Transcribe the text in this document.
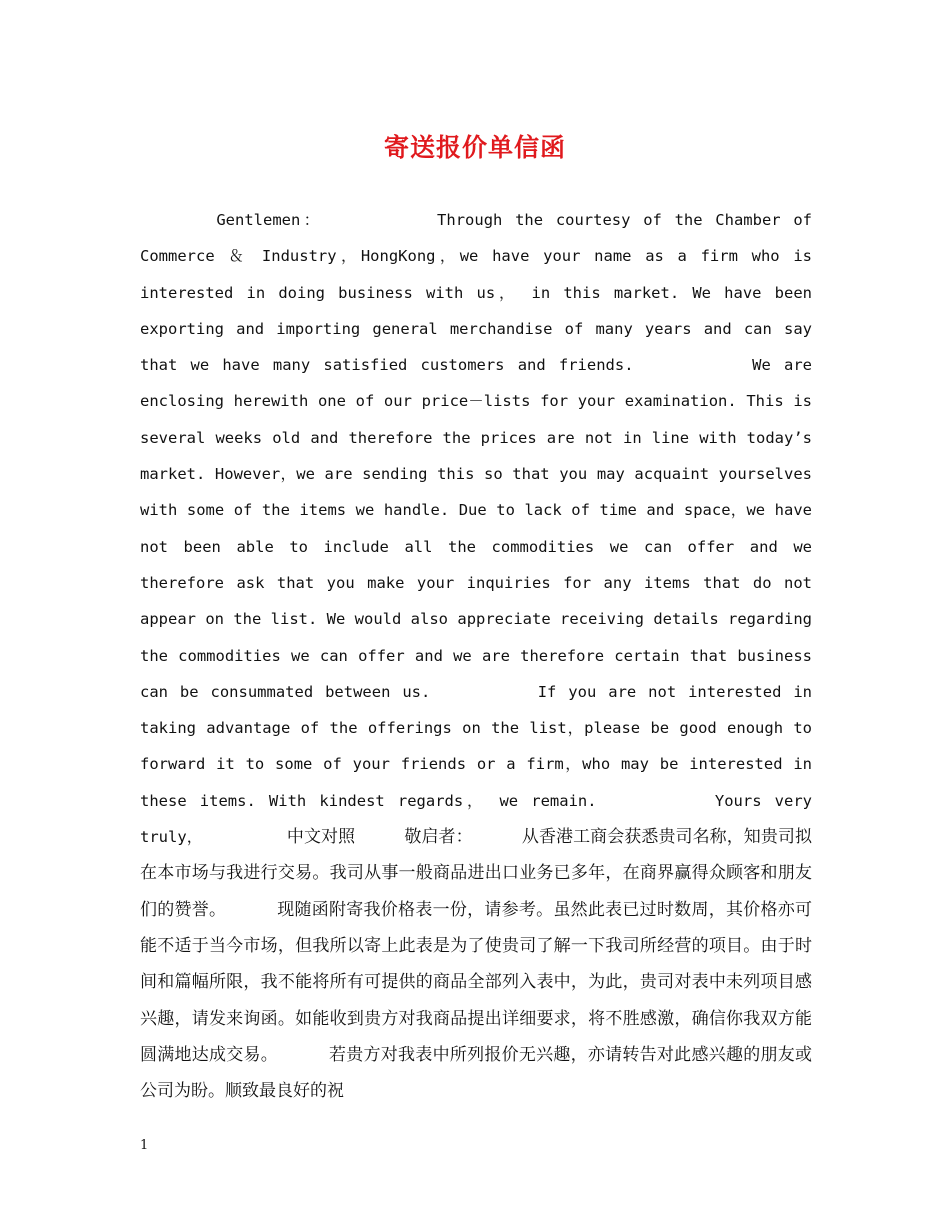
寄送报价单信函
Gentlemen：         Through the courtesy of the Chamber of Commerce ＆ Industry，HongKong，we have your name as a firm who is interested in doing business with us， in this market. We have been exporting and importing general merchandise of many years and can say that we have many satisfied customers and friends.         We are enclosing herewith one of our price－lists for your examination. This is several weeks old and therefore the prices are not in line with today’s market. However，we are sending this so that you may acquaint yourselves with some of the items we handle. Due to lack of time and space，we have not been able to include all the commodities we can offer and we therefore ask that you make your inquiries for any items that do not appear on the list. We would also appreciate receiving details regarding the commodities we can offer and we are therefore certain that business can be consummated between us.         If you are not interested in taking advantage of the offerings on the list，please be good enough to forward it to some of your friends or a firm，who may be interested in these items. With kindest regards， we remain.         Yours very truly，         中文对照         敬启者：         从香港工商会获悉贵司名称，知贵司拟在本市场与我进行交易。我司从事一般商品进出口业务已多年，在商界赢得众顾客和朋友们的赞誉。         现随函附寄我价格表一份，请参考。虽然此表已过时数周，其价格亦可能不适于当今市场，但我所以寄上此表是为了使贵司了解一下我司所经营的项目。由于时间和篇幅所限，我不能将所有可提供的商品全部列入表中，为此，贵司对表中未列项目感兴趣，请发来询函。如能收到贵方对我商品提出详细要求，将不胜感激，确信你我双方能圆满地达成交易。         若贵方对我表中所列报价无兴趣，亦请转告对此感兴趣的朋友或公司为盼。顺致最良好的祝
1
